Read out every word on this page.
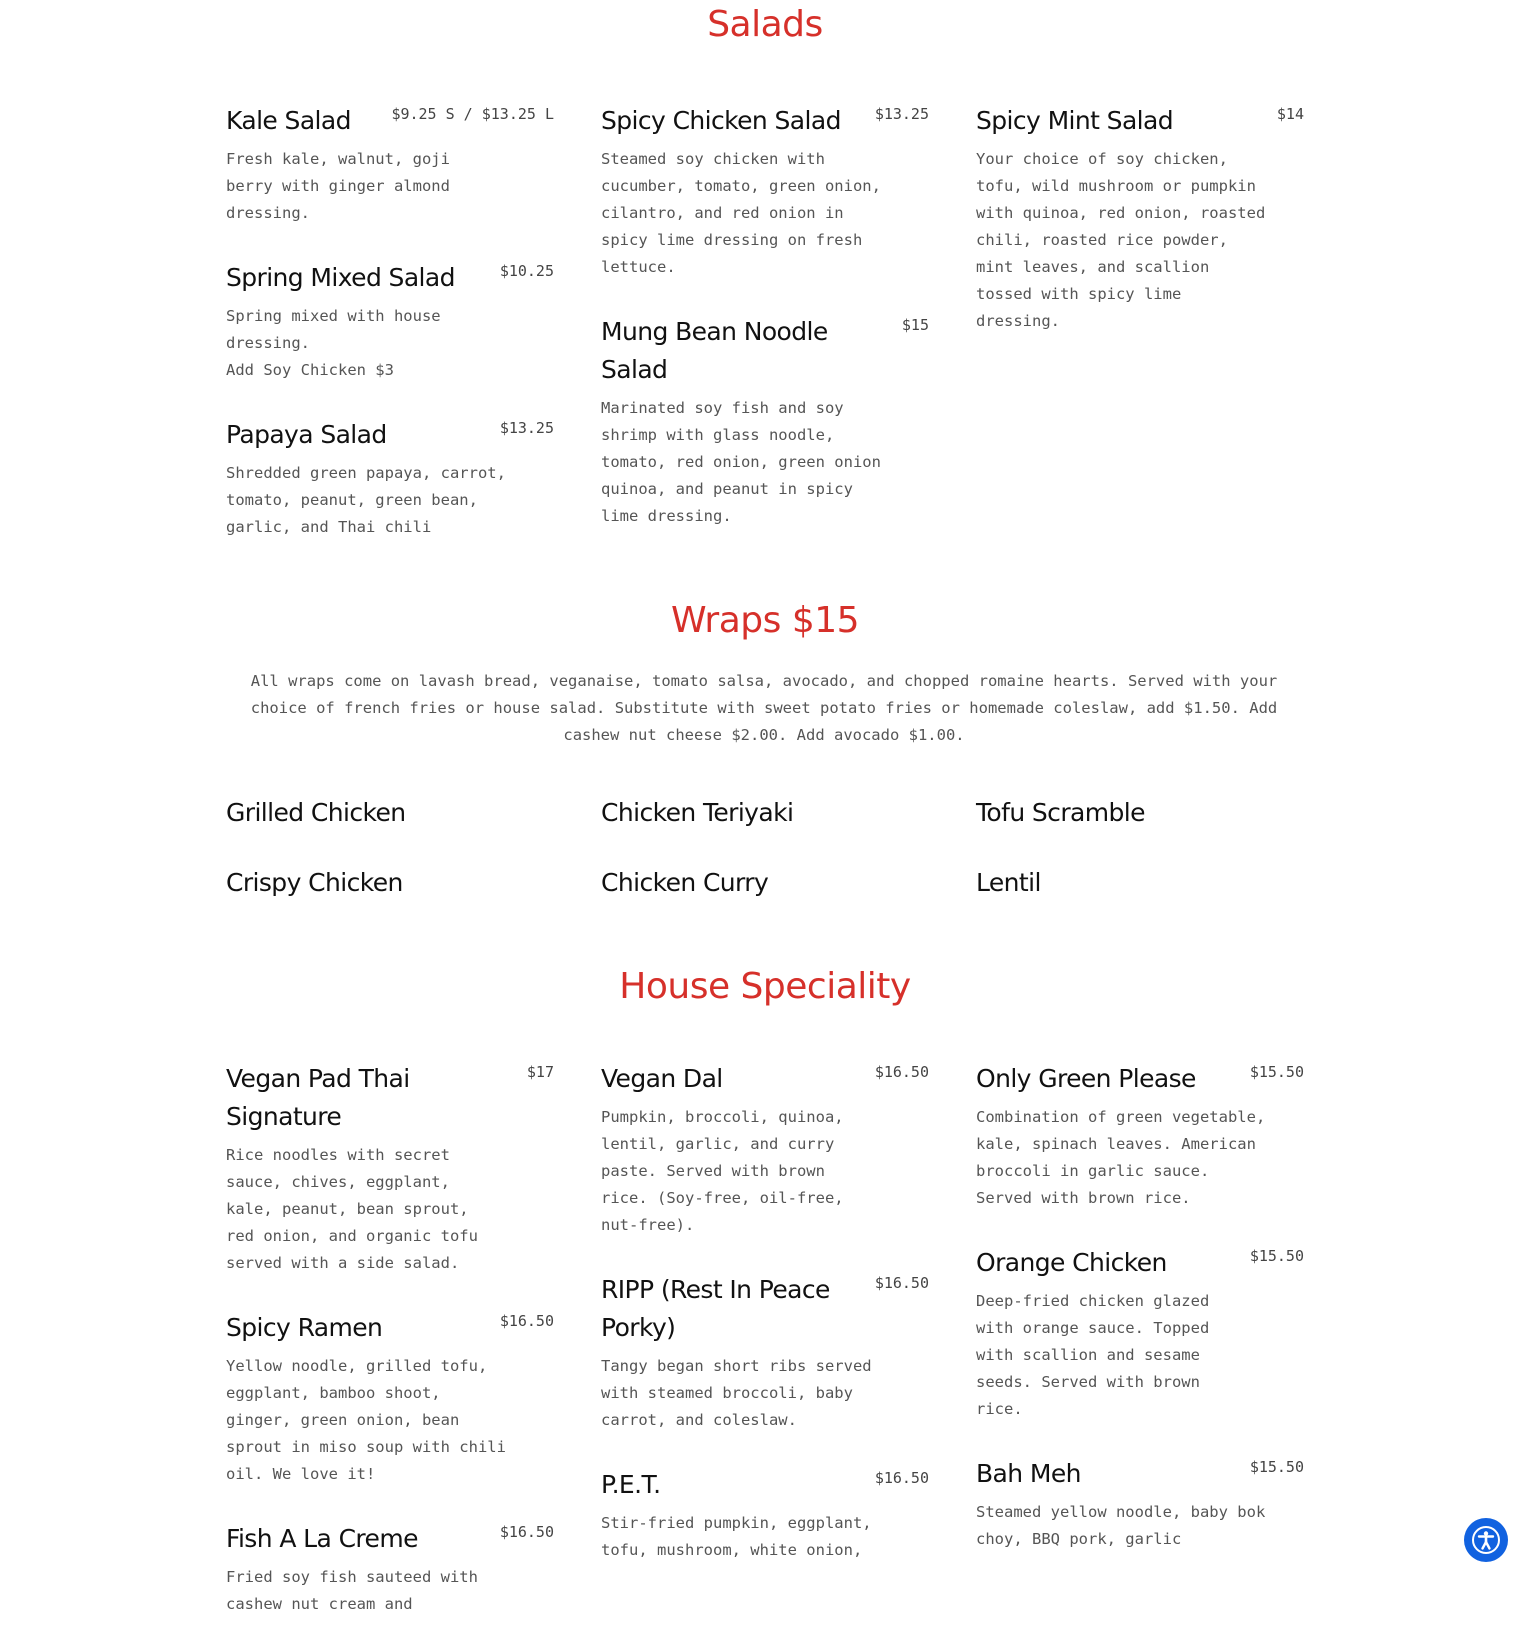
Salads
Kale Salad	$9.25 S / $13.25 L

Fresh kale, walnut, goji berry with ginger almond dressing.

Spring Mixed Salad	$10.25

Spring mixed with house dressing.
Add Soy Chicken $3

Papaya Salad	$13.25

Shredded green papaya, carrot, tomato, peanut, green bean, garlic, and Thai chili

Spicy Chicken Salad $13.25

Steamed soy chicken with cucumber, tomato, green onion, cilantro, and red onion in spicy lime dressing on fresh lettuce.

Mung Bean Noodle Salad
$15

Marinated soy fish and soy shrimp with glass noodle, tomato, red onion, green onion quinoa, and peanut in spicy lime dressing.

Spicy Mint Salad	$14

Your choice of soy chicken, tofu, wild mushroom or pumpkin with quinoa, red onion, roasted chili, roasted rice powder, mint leaves, and scallion tossed with spicy lime dressing.

Wraps $15

All wraps come on lavash bread, veganaise, tomato salsa, avocado, and chopped romaine hearts. Served with your choice of french fries or house salad. Substitute with sweet potato fries or homemade coleslaw, add $1.50. Add cashew nut cheese $2.00. Add avocado $1.00.

Grilled Chicken	Chicken Teriyaki	Tofu Scramble
Crispy Chicken	Chicken Curry	Lentil
House Speciality
Vegan Pad Thai Signature
$17

Rice noodles with secret sauce, chives, eggplant, kale, peanut, bean sprout, red onion, and organic tofu served with a side salad.

Spicy Ramen	$16.50

Yellow noodle, grilled tofu, eggplant, bamboo shoot, ginger, green onion, bean sprout in miso soup with chili oil. We love it!

Fish A La Creme	$16.50

Fried soy fish sauteed with cashew nut cream and

Vegan Dal	$16.50

Pumpkin, broccoli, quinoa, lentil, garlic, and curry paste. Served with brown rice. (Soy-free, oil-free, nut-free).

RIPP (Rest In Peace Porky)
$16.50

Tangy began short ribs served with steamed broccoli, baby carrot, and coleslaw.

P.E.T.	$16.50

Stir-fried pumpkin, eggplant, tofu, mushroom, white onion,

Only Green Please	$15.50

Combination of green vegetable, kale, spinach leaves. American broccoli in garlic sauce. Served with brown rice.

Orange Chicken	$15.50

Deep-fried chicken glazed with orange sauce. Topped with scallion and sesame seeds. Served with brown rice.

Bah Meh	$15.50

Steamed yellow noodle, baby bok choy, BBQ pork, garlic
